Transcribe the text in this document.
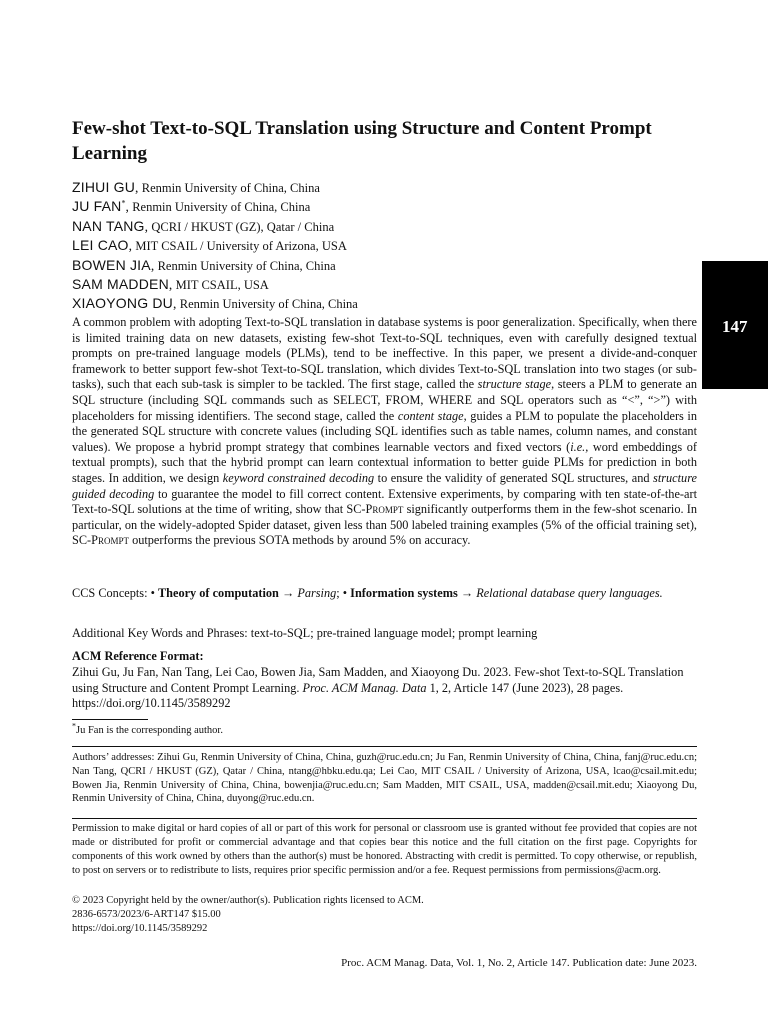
147
Few-shot Text-to-SQL Translation using Structure and Content Prompt Learning
ZIHUI GU, Renmin University of China, China
JU FAN*, Renmin University of China, China
NAN TANG, QCRI / HKUST (GZ), Qatar / China
LEI CAO, MIT CSAIL / University of Arizona, USA
BOWEN JIA, Renmin University of China, China
SAM MADDEN, MIT CSAIL, USA
XIAOYONG DU, Renmin University of China, China

A common problem with adopting Text-to-SQL translation in database systems is poor generalization. Specifically, when there is limited training data on new datasets, existing few-shot Text-to-SQL techniques, even with carefully designed textual prompts on pre-trained language models (PLMs), tend to be ineffective. In this paper, we present a divide-and-conquer framework to better support few-shot Text-to-SQL translation, which divides Text-to-SQL translation into two stages (or sub-tasks), such that each sub-task is simpler to be tackled. The first stage, called the structure stage, steers a PLM to generate an SQL structure (including SQL commands such as SELECT, FROM, WHERE and SQL operators such as “<”, “>”) with placeholders for missing identifiers. The second stage, called the content stage, guides a PLM to populate the placeholders in the generated SQL structure with concrete values (including SQL identifies such as table names, column names, and constant values). We propose a hybrid prompt strategy that combines learnable vectors and fixed vectors (i.e., word embeddings of textual prompts), such that the hybrid prompt can learn contextual information to better guide PLMs for prediction in both stages. In addition, we design keyword constrained decoding to ensure the validity of generated SQL structures, and structure guided decoding to guarantee the model to fill correct content. Extensive experiments, by comparing with ten state-of-the-art Text-to-SQL solutions at the time of writing, show that SC-Prompt significantly outperforms them in the few-shot scenario. In particular, on the widely-adopted Spider dataset, given less than 500 labeled training examples (5% of the official training set), SC-Prompt outperforms the previous SOTA methods by around 5% on accuracy.

CCS Concepts: • Theory of computation → Parsing; • Information systems → Relational database query languages.

Additional Key Words and Phrases: text-to-SQL; pre-trained language model; prompt learning

ACM Reference Format:

Zihui Gu, Ju Fan, Nan Tang, Lei Cao, Bowen Jia, Sam Madden, and Xiaoyong Du. 2023. Few-shot Text-to-SQL Translation using Structure and Content Prompt Learning. Proc. ACM Manag. Data 1, 2, Article 147 (June 2023), 28 pages. https://doi.org/10.1145/3589292

*Ju Fan is the corresponding author.

Authors’ addresses: Zihui Gu, Renmin University of China, China, guzh@ruc.edu.cn; Ju Fan, Renmin University of China, China, fanj@ruc.edu.cn; Nan Tang, QCRI / HKUST (GZ), Qatar / China, ntang@hbku.edu.qa; Lei Cao, MIT CSAIL / University of Arizona, USA, lcao@csail.mit.edu; Bowen Jia, Renmin University of China, China, bowenjia@ruc.edu.cn; Sam Madden, MIT CSAIL, USA, madden@csail.mit.edu; Xiaoyong Du, Renmin University of China, China, duyong@ruc.edu.cn.

Permission to make digital or hard copies of all or part of this work for personal or classroom use is granted without fee provided that copies are not made or distributed for profit or commercial advantage and that copies bear this notice and the full citation on the first page. Copyrights for components of this work owned by others than the author(s) must be honored. Abstracting with credit is permitted. To copy otherwise, or republish, to post on servers or to redistribute to lists, requires prior specific permission and/or a fee. Request permissions from permissions@acm.org.

© 2023 Copyright held by the owner/author(s). Publication rights licensed to ACM.

2836-6573/2023/6-ART147 $15.00

https://doi.org/10.1145/3589292

Proc. ACM Manag. Data, Vol. 1, No. 2, Article 147. Publication date: June 2023.
